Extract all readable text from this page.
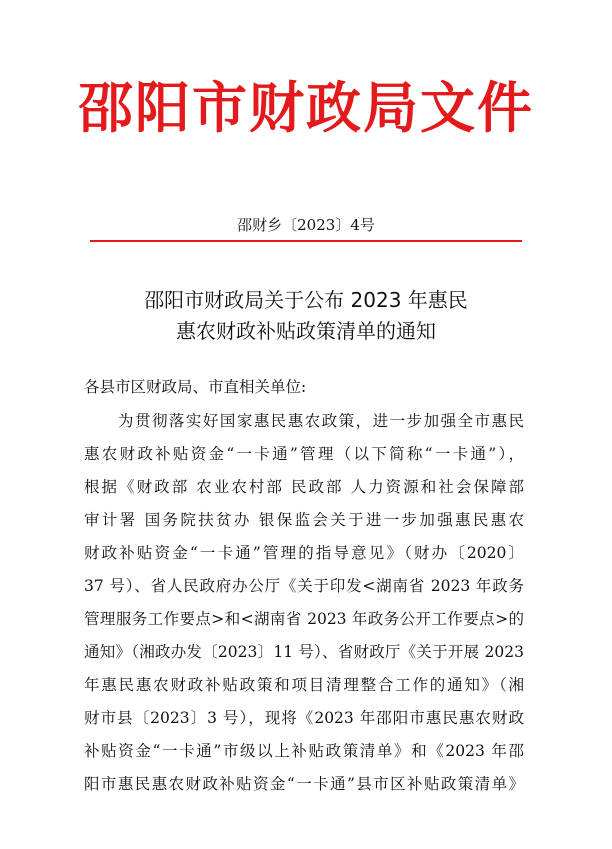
邵阳市财政局文件
邵财乡〔2023〕4号
邵阳市财政局关于公布 2023 年惠民
惠农财政补贴政策清单的通知
各县市区财政局、市直相关单位:
为贯彻落实好国家惠民惠农政策，进一步加强全市惠民
惠农财政补贴资金“一卡通”管理（以下简称“一卡通”），
根据《财政部 农业农村部 民政部 人力资源和社会保障部
审计署 国务院扶贫办 银保监会关于进一步加强惠民惠农
财政补贴资金“一卡通”管理的指导意见》（财办〔2020〕
37 号）、省人民政府办公厅《关于印发<湖南省 2023 年政务
管理服务工作要点>和<湖南省 2023 年政务公开工作要点>的
通知》（湘政办发〔2023〕11 号）、省财政厅《关于开展 2023
年惠民惠农财政补贴政策和项目清理整合工作的通知》（湘
财市县〔2023〕3 号），现将《2023 年邵阳市惠民惠农财政
补贴资金“一卡通”市级以上补贴政策清单》和《2023 年邵
阳市惠民惠农财政补贴资金“一卡通”县市区补贴政策清单》
